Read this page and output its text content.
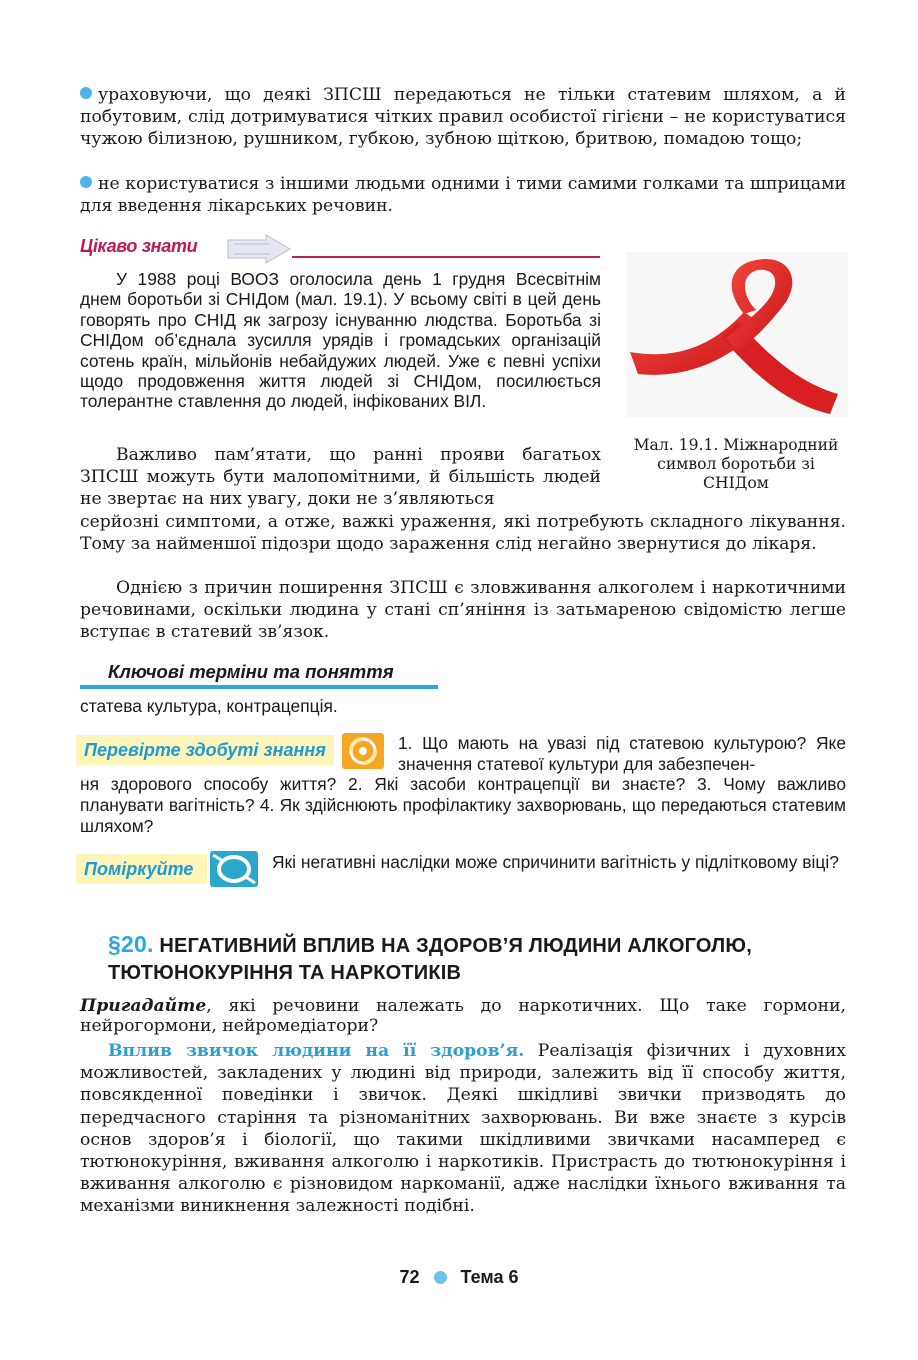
ураховуючи, що деякі ЗПСШ передаються не тільки статевим шляхом, а й побутовим, слід дотримуватися чітких правил особистої гігієни – не користуватися чужою білизною, рушником, губкою, зубною щіткою, бритвою, помадою тощо;
не користуватися з іншими людьми одними і тими самими голками та шприцами для введення лікарських речовин.
Цікаво знати
У 1988 році ВООЗ оголосила день 1 грудня Всесвітнім днем боротьби зі СНІДом (мал. 19.1). У всьому світі в цей день говорять про СНІД як загрозу існуванню людства. Боротьба зі СНІДом об’єднала зусилля урядів і громадських організацій сотень країн, мільйонів небайдужих людей. Уже є певні успіхи щодо продовження життя людей зі СНІДом, посилюється толерантне ставлення до людей, інфікованих ВІЛ.
Мал. 19.1. Міжнародний символ боротьби зі СНІДом
Важливо пам’ятати, що ранні прояви багатьох ЗПСШ можуть бути малопомітними, й більшість людей не звертає на них увагу, доки не з’являються
серйозні симптоми, а отже, важкі ураження, які потребують складного лікування. Тому за найменшої підозри щодо зараження слід негайно звернутися до лікаря.
Однією з причин поширення ЗПСШ є зловживання алкоголем і наркотичними речовинами, оскільки людина у стані сп’яніння із затьмареною свідомістю легше вступає в статевий зв’язок.
Ключові терміни та поняття
статева культура, контрацепція.
Перевірте здобуті знання	1. Що мають на увазі під статевою культурою? Яке значення статевої культури для забезпечен-
ня здорового способу життя? 2. Які засоби контрацепції ви знаєте? 3. Чому важливо планувати вагітність? 4. Як здійснюють профілактику захворювань, що передаються статевим шляхом?
Поміркуйте	Які негативні наслідки може спричинити вагітність у підлітковому віці?
§20. НЕГАТИВНИЙ ВПЛИВ НА ЗДОРОВ’Я ЛЮДИНИ АЛКОГОЛЮ,
ТЮТЮНОКУРІННЯ ТА НАРКОТИКІВ
Пригадайте, які речовини належать до наркотичних. Що таке гормони, нейрогормони, нейромедіатори?
Вплив звичок людини на її здоров’я. Реалізація фізичних і духовних можливостей, закладених у людині від природи, залежить від її способу життя, повсякденної поведінки і звичок. Деякі шкідливі звички призводять до передчасного старіння та різноманітних захворювань. Ви вже знаєте з курсів основ здоров’я і біології, що такими шкідливими звичками насамперед є тютюнокуріння, вживання алкоголю і наркотиків. Пристрасть до тютюнокуріння і вживання алкоголю є різновидом наркоманії, адже наслідки їхнього вживання та механізми виникнення залежності подібні.
72 Тема 6
